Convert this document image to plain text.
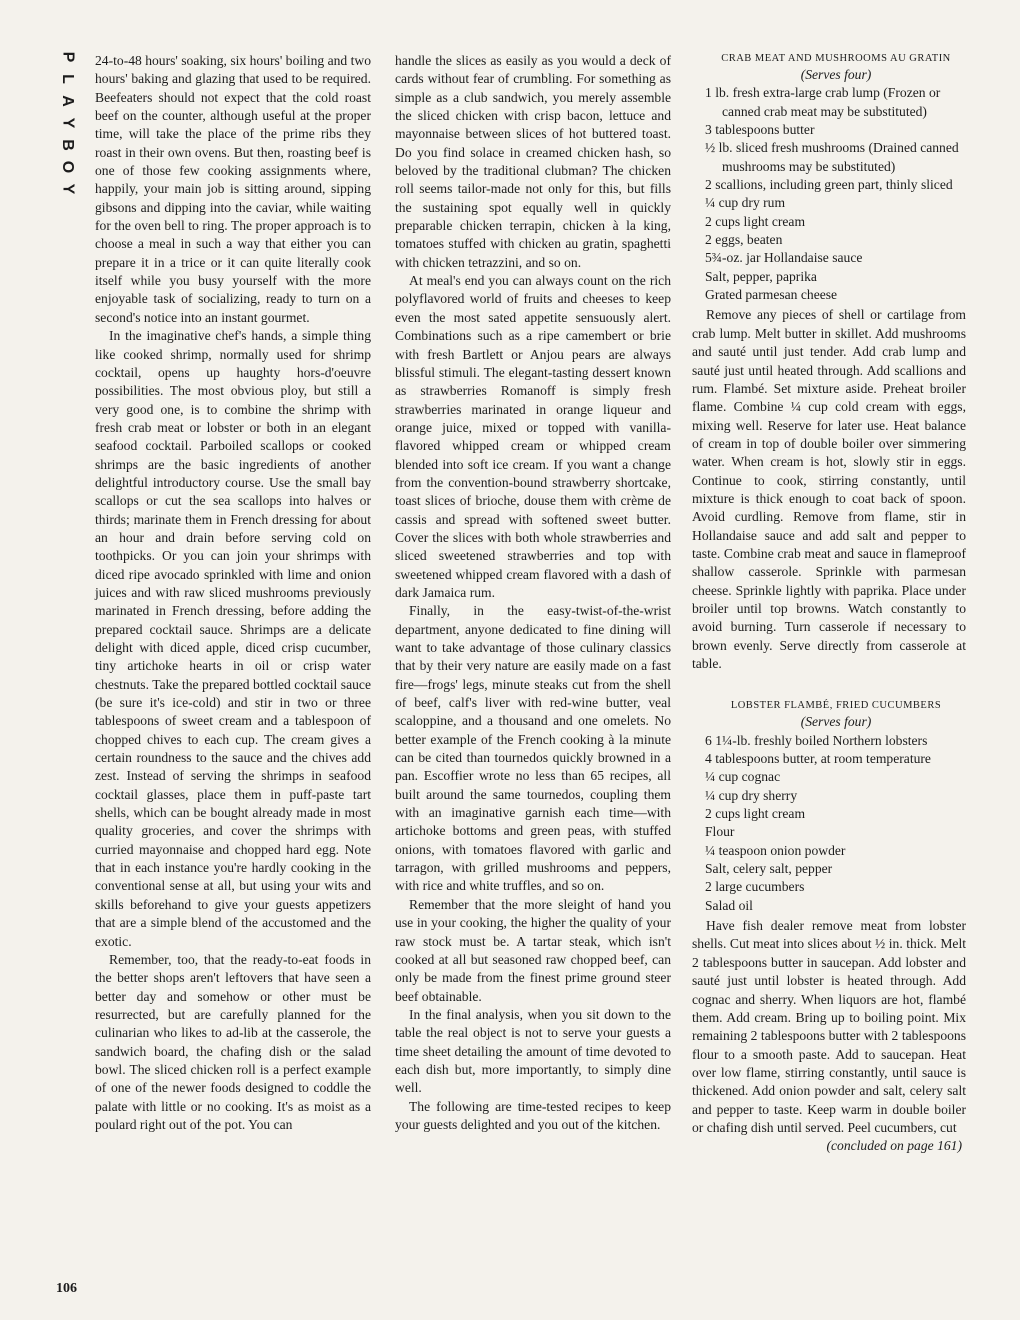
P
L
A
Y
B
O
Y

24-to-48 hours' soaking, six hours' boiling and two hours' baking and glazing that used to be required. Beefeaters should not expect that the cold roast beef on the counter, although useful at the proper time, will take the place of the prime ribs they roast in their own ovens. But then, roasting beef is one of those few cooking assignments where, happily, your main job is sitting around, sipping gibsons and dipping into the caviar, while waiting for the oven bell to ring. The proper approach is to choose a meal in such a way that either you can prepare it in a trice or it can quite literally cook itself while you busy yourself with the more enjoyable task of socializing, ready to turn on a second's notice into an instant gourmet.

In the imaginative chef's hands, a simple thing like cooked shrimp, normally used for shrimp cocktail, opens up haughty hors-d'oeuvre possibilities. The most obvious ploy, but still a very good one, is to combine the shrimp with fresh crab meat or lobster or both in an elegant seafood cocktail. Parboiled scallops or cooked shrimps are the basic ingredients of another delightful introductory course. Use the small bay scallops or cut the sea scallops into halves or thirds; marinate them in French dressing for about an hour and drain before serving cold on toothpicks. Or you can join your shrimps with diced ripe avocado sprinkled with lime and onion juices and with raw sliced mushrooms previously marinated in French dressing, before adding the prepared cocktail sauce. Shrimps are a delicate delight with diced apple, diced crisp cucumber, tiny artichoke hearts in oil or crisp water chestnuts. Take the prepared bottled cocktail sauce (be sure it's ice-cold) and stir in two or three tablespoons of sweet cream and a tablespoon of chopped chives to each cup. The cream gives a certain roundness to the sauce and the chives add zest. Instead of serving the shrimps in seafood cocktail glasses, place them in puff-paste tart shells, which can be bought already made in most quality groceries, and cover the shrimps with curried mayonnaise and chopped hard egg. Note that in each instance you're hardly cooking in the conventional sense at all, but using your wits and skills beforehand to give your guests appetizers that are a simple blend of the accustomed and the exotic.

Remember, too, that the ready-to-eat foods in the better shops aren't leftovers that have seen a better day and somehow or other must be resurrected, but are carefully planned for the culinarian who likes to ad-lib at the casserole, the sandwich board, the chafing dish or the salad bowl. The sliced chicken roll is a perfect example of one of the newer foods designed to coddle the palate with little or no cooking. It's as moist as a poulard right out of the pot. You can

handle the slices as easily as you would a deck of cards without fear of crumbling. For something as simple as a club sandwich, you merely assemble the sliced chicken with crisp bacon, lettuce and mayonnaise between slices of hot buttered toast. Do you find solace in creamed chicken hash, so beloved by the traditional clubman? The chicken roll seems tailor-made not only for this, but fills the sustaining spot equally well in quickly preparable chicken terrapin, chicken à la king, tomatoes stuffed with chicken au gratin, spaghetti with chicken tetrazzini, and so on.

At meal's end you can always count on the rich polyflavored world of fruits and cheeses to keep even the most sated appetite sensuously alert. Combinations such as a ripe camembert or brie with fresh Bartlett or Anjou pears are always blissful stimuli. The elegant-tasting dessert known as strawberries Romanoff is simply fresh strawberries marinated in orange liqueur and orange juice, mixed or topped with vanilla-flavored whipped cream or whipped cream blended into soft ice cream. If you want a change from the convention-bound strawberry shortcake, toast slices of brioche, douse them with crème de cassis and spread with softened sweet butter. Cover the slices with both whole strawberries and sliced sweetened strawberries and top with sweetened whipped cream flavored with a dash of dark Jamaica rum.

Finally, in the easy-twist-of-the-wrist department, anyone dedicated to fine dining will want to take advantage of those culinary classics that by their very nature are easily made on a fast fire—frogs' legs, minute steaks cut from the shell of beef, calf's liver with red-wine butter, veal scaloppine, and a thousand and one omelets. No better example of the French cooking à la minute can be cited than tournedos quickly browned in a pan. Escoffier wrote no less than 65 recipes, all built around the same tournedos, coupling them with an imaginative garnish each time—with artichoke bottoms and green peas, with stuffed onions, with tomatoes flavored with garlic and tarragon, with grilled mushrooms and peppers, with rice and white truffles, and so on.

Remember that the more sleight of hand you use in your cooking, the higher the quality of your raw stock must be. A tartar steak, which isn't cooked at all but seasoned raw chopped beef, can only be made from the finest prime ground steer beef obtainable.

In the final analysis, when you sit down to the table the real object is not to serve your guests a time sheet detailing the amount of time devoted to each dish but, more importantly, to simply dine well.

The following are time-tested recipes to keep your guests delighted and you out of the kitchen.

CRAB MEAT AND MUSHROOMS AU GRATIN

(Serves four)

1 lb. fresh extra-large crab lump (Frozen or canned crab meat may be substituted)
3 tablespoons butter
½ lb. sliced fresh mushrooms (Drained canned mushrooms may be substituted)
2 scallions, including green part, thinly sliced
¼ cup dry rum
2 cups light cream
2 eggs, beaten
5¾-oz. jar Hollandaise sauce
Salt, pepper, paprika
Grated parmesan cheese

Remove any pieces of shell or cartilage from crab lump. Melt butter in skillet. Add mushrooms and sauté until just tender. Add crab lump and sauté just until heated through. Add scallions and rum. Flambé. Set mixture aside. Preheat broiler flame. Combine ¼ cup cold cream with eggs, mixing well. Reserve for later use. Heat balance of cream in top of double boiler over simmering water. When cream is hot, slowly stir in eggs. Continue to cook, stirring constantly, until mixture is thick enough to coat back of spoon. Avoid curdling. Remove from flame, stir in Hollandaise sauce and add salt and pepper to taste. Combine crab meat and sauce in flameproof shallow casserole. Sprinkle with parmesan cheese. Sprinkle lightly with paprika. Place under broiler until top browns. Watch constantly to avoid burning. Turn casserole if necessary to brown evenly. Serve directly from casserole at table.

LOBSTER FLAMBÉ, FRIED CUCUMBERS

(Serves four)

6 1¼-lb. freshly boiled Northern lobsters
4 tablespoons butter, at room temperature
¼ cup cognac
¼ cup dry sherry
2 cups light cream
Flour
¼ teaspoon onion powder
Salt, celery salt, pepper
2 large cucumbers
Salad oil

Have fish dealer remove meat from lobster shells. Cut meat into slices about ½ in. thick. Melt 2 tablespoons butter in saucepan. Add lobster and sauté just until lobster is heated through. Add cognac and sherry. When liquors are hot, flambé them. Add cream. Bring up to boiling point. Mix remaining 2 tablespoons butter with 2 tablespoons flour to a smooth paste. Add to saucepan. Heat over low flame, stirring constantly, until sauce is thickened. Add onion powder and salt, celery salt and pepper to taste. Keep warm in double boiler or chafing dish until served. Peel cucumbers, cut

(concluded on page 161)

106
